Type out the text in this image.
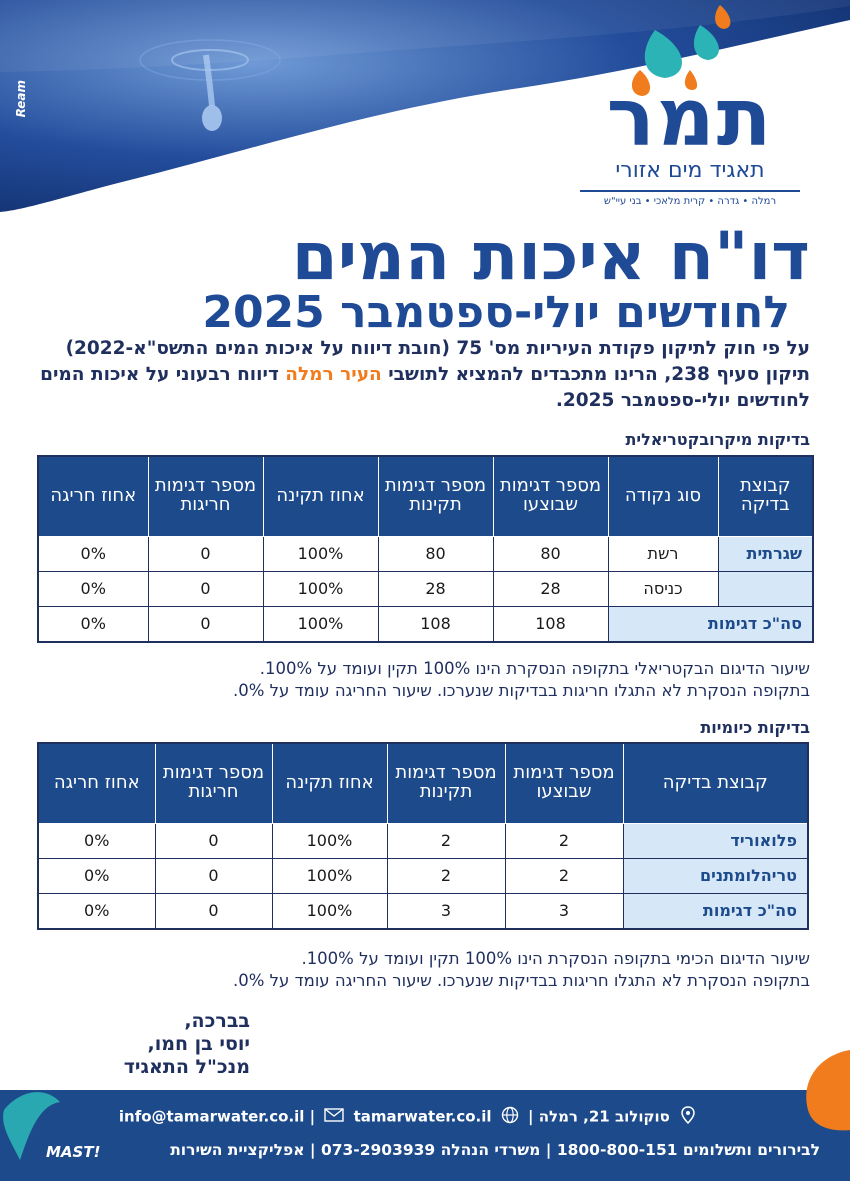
Ream	תמר
תאגיד מים אזורי
רמלה • גדרה • קרית מלאכי • בני עיי"ש
דו"ח איכות המים
לחודשים יולי-ספטמבר 2025
על פי חוק לתיקון פקודת העיריות מס' 75 (חובת דיווח על איכות המים התשס"א-2022) תיקון סעיף 238, הרינו מתכבדים להמציא לתושבי העיר רמלה דיווח רבעוני על איכות המים לחודשים יולי-ספטמבר 2025.
בדיקות מיקרובקטריאלית
קבוצת בדיקה	סוג נקודה	מספר דגימות שבוצעו	מספר דגימות תקינות	אחוז תקינה	מספר דגימות חריגות	אחוז חריגה
שגרתית	רשת	80	80	100%	0	0%
	כניסה	28	28	100%	0	0%
סה"כ דגימות		108	108	100%	0	0%
שיעור הדיגום הבקטריאלי בתקופה הנסקרת הינו 100% תקין ועומד על 100%.
בתקופה הנסקרת לא התגלו חריגות בבדיקות שנערכו. שיעור החריגה עומד על 0%.
בדיקות כיומיות
קבוצת בדיקה	מספר דגימות שבוצעו	מספר דגימות תקינות	אחוז תקינה	מספר דגימות חריגות	אחוז חריגה
פלואוריד	2	2	100%	0	0%
טריהלומתנים	2	2	100%	0	0%
סה"כ דגימות	3	3	100%	0	0%
שיעור הדיגום הכימי בתקופה הנסקרת הינו 100% תקין ועומד על 100%.
בתקופה הנסקרת לא התגלו חריגות בבדיקות שנערכו. שיעור החריגה עומד על 0%.
בברכה,
יוסי בן חמו,
מנכ"ל התאגיד
סוקולוב 21, רמלה |  info@tamarwater.co.il |  tamarwater.co.il
לבירורים ותשלומים 1800-800-151 | משרדי הנהלה 073-2903939 | אפליקציית השירות
MAST!
